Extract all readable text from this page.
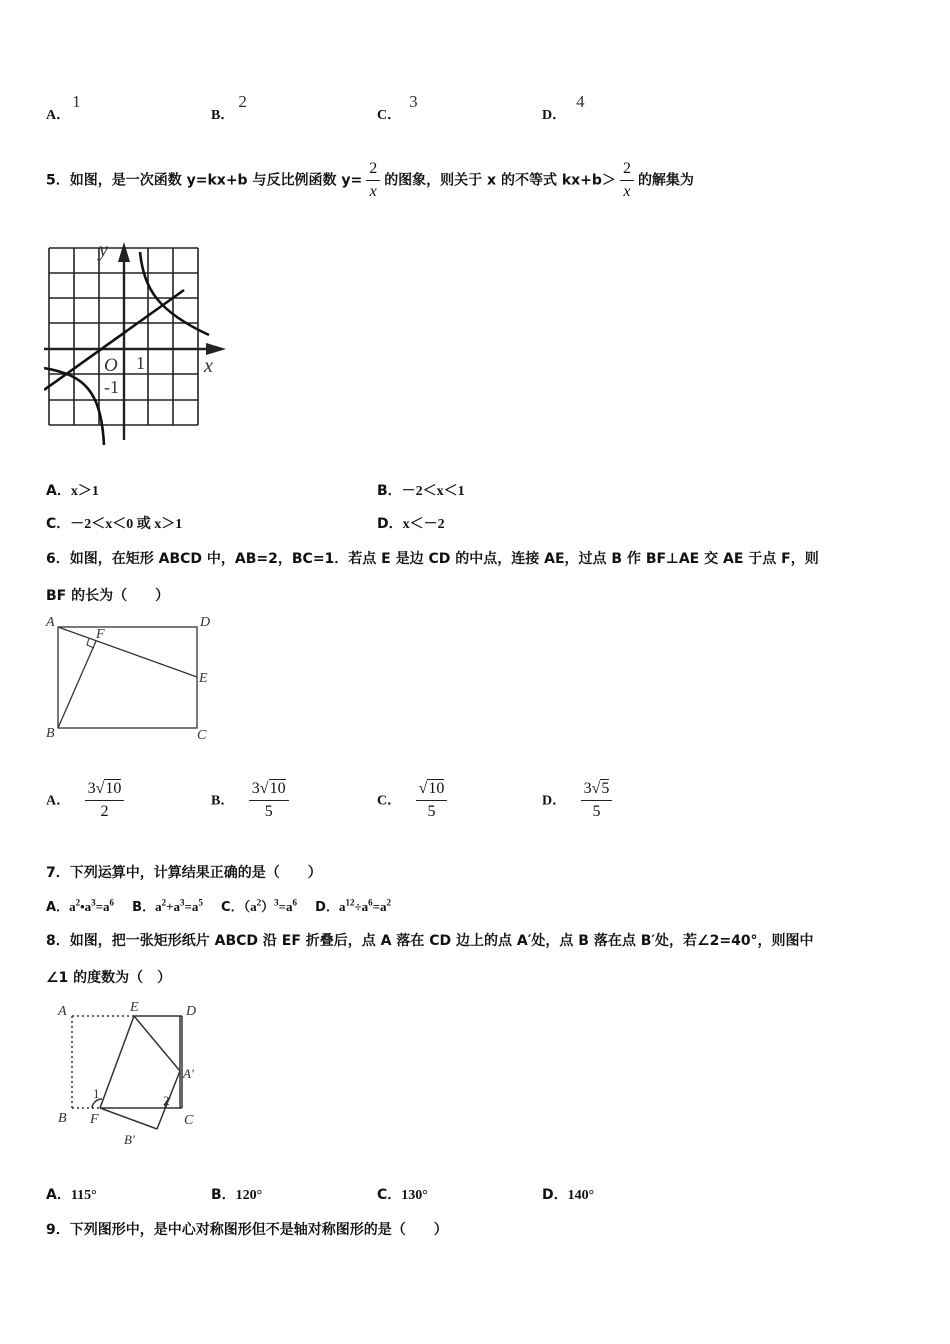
A．1
B．2
C．3
D．4
5．如图，是一次函数 y=kx+b 与反比例函数 $y= \frac{2}{x}$ 的图象，则关于 x 的不等式 $kx+b> \frac{2}{x}$ 的解集为
y
x
O 1
-1
A．x＞1	B．－2＜x＜1
C．－2＜x＜0 或 x＞1	D．x＜－2
6．如图，在矩形 ABCD 中，AB=2，BC=1．若点 E 是边 CD 的中点，连接 AE，过点 B 作 BF⊥AE 交 AE 于点 F，则
BF 的长为（　　）
A
B	C
D
E
F
A． $\frac{3√10}{2}$	B． $\frac{3√10}{5}$	C． $\frac{√10}{5}$	D． $\frac{3√5}{5}$
7．下列运算中，计算结果正确的是（　　）
A．$a^2•a^3=a^6$ B．$a^2+a^3=a^5$ C．$(a^2)^3=a^6$ D．$a^{12}\div a^6=a^2$
8．如图，把一张矩形纸片 ABCD 沿 EF 折叠后，点 A 落在 CD 边上的点 A′处，点 B 落在点 B′处，若∠2=40°，则图中
∠1 的度数为（　）
A	E	D
A'
B F	C
B'
1	2
A．115°	B．120°	C．130°	D．140°
9．下列图形中，是中心对称图形但不是轴对称图形的是（　　）
